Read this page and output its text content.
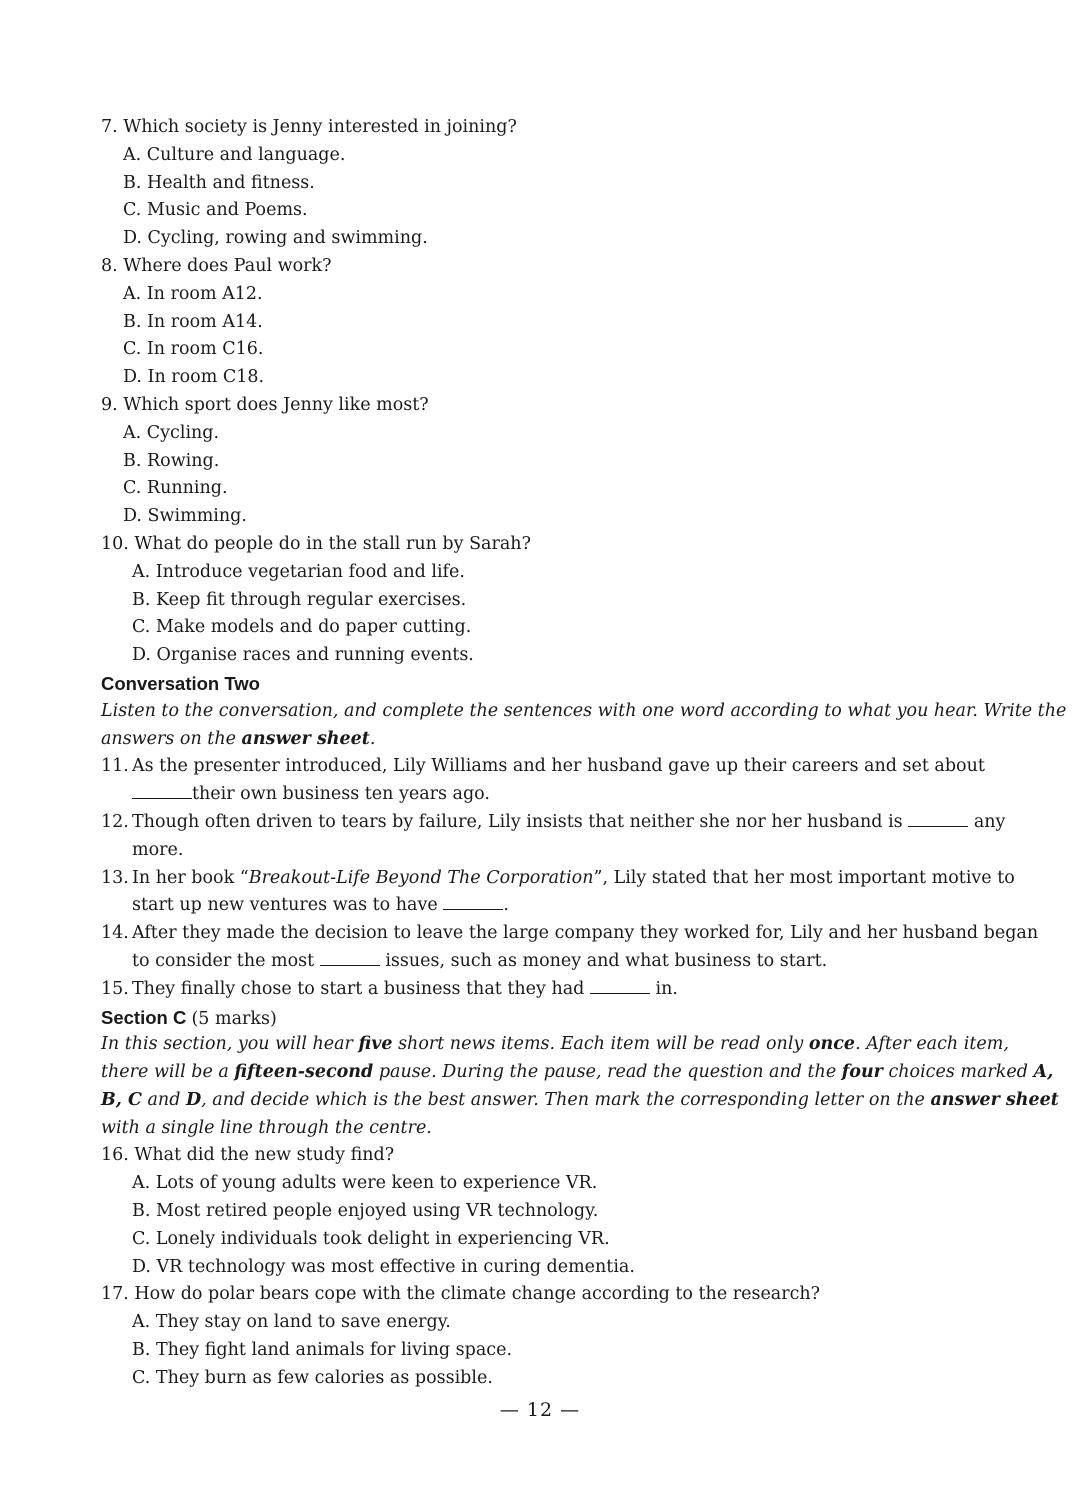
7. Which society is Jenny interested in joining?
A. Culture and language.
B. Health and fitness.
C. Music and Poems.
D. Cycling, rowing and swimming.
8. Where does Paul work?
A. In room A12.
B. In room A14.
C. In room C16.
D. In room C18.
9. Which sport does Jenny like most?
A. Cycling.
B. Rowing.
C. Running.
D. Swimming.
10. What do people do in the stall run by Sarah?
A. Introduce vegetarian food and life.
B. Keep fit through regular exercises.
C. Make models and do paper cutting.
D. Organise races and running events.
Conversation Two
Listen to the conversation, and complete the sentences with one word according to what you hear. Write the
answers on the answer sheet.
11. As the presenter introduced, Lily Williams and her husband gave up their careers and set about
their own business ten years ago.
12. Though often driven to tears by failure, Lily insists that neither she nor her husband is	any
more.
13. In her book “Breakout-Life Beyond The Corporation”, Lily stated that her most important motive to
start up new ventures was to have	.
14. After they made the decision to leave the large company they worked for, Lily and her husband began
to consider the most	issues, such as money and what business to start.
15. They finally chose to start a business that they had	in.
Section C (5 marks)
In this section, you will hear five short news items. Each item will be read only once. After each item,
there will be a fifteen-second pause. During the pause, read the question and the four choices marked A,
B, C and D, and decide which is the best answer. Then mark the corresponding letter on the answer sheet
with a single line through the centre.
16. What did the new study find?
A. Lots of young adults were keen to experience VR.
B. Most retired people enjoyed using VR technology.
C. Lonely individuals took delight in experiencing VR.
D. VR technology was most effective in curing dementia.
17. How do polar bears cope with the climate change according to the research?
A. They stay on land to save energy.
B. They fight land animals for living space.
C. They burn as few calories as possible.
— 12 —
